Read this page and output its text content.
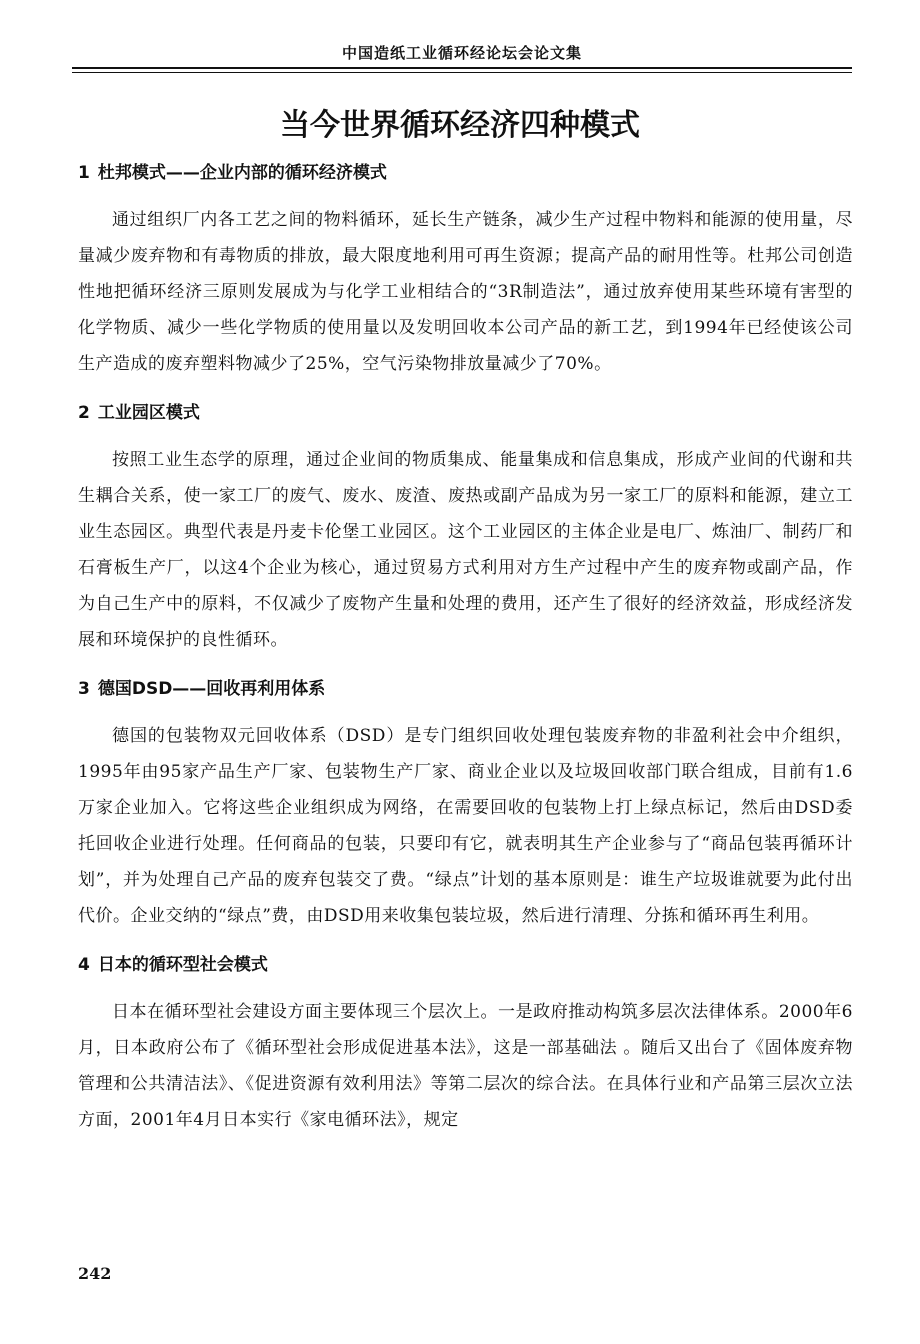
中国造纸工业循环经论坛会论文集
当今世界循环经济四种模式
1 杜邦模式——企业内部的循环经济模式

通过组织厂内各工艺之间的物料循环，延长生产链条，减少生产过程中物料和能源的使用量，尽量减少废弃物和有毒物质的排放，最大限度地利用可再生资源；提高产品的耐用性等。杜邦公司创造性地把循环经济三原则发展成为与化学工业相结合的“3R制造法”，通过放弃使用某些环境有害型的化学物质、减少一些化学物质的使用量以及发明回收本公司产品的新工艺，到1994年已经使该公司生产造成的废弃塑料物减少了25%，空气污染物排放量减少了70%。

2 工业园区模式

按照工业生态学的原理，通过企业间的物质集成、能量集成和信息集成，形成产业间的代谢和共生耦合关系，使一家工厂的废气、废水、废渣、废热或副产品成为另一家工厂的原料和能源，建立工业生态园区。典型代表是丹麦卡伦堡工业园区。这个工业园区的主体企业是电厂、炼油厂、制药厂和石膏板生产厂，以这4个企业为核心，通过贸易方式利用对方生产过程中产生的废弃物或副产品，作为自己生产中的原料，不仅减少了废物产生量和处理的费用，还产生了很好的经济效益，形成经济发展和环境保护的良性循环。

3 德国DSD——回收再利用体系

德国的包装物双元回收体系（DSD）是专门组织回收处理包装废弃物的非盈利社会中介组织，1995年由95家产品生产厂家、包装物生产厂家、商业企业以及垃圾回收部门联合组成，目前有1.6万家企业加入。它将这些企业组织成为网络，在需要回收的包装物上打上绿点标记，然后由DSD委托回收企业进行处理。任何商品的包装，只要印有它，就表明其生产企业参与了“商品包装再循环计划”，并为处理自己产品的废弃包装交了费。“绿点”计划的基本原则是：谁生产垃圾谁就要为此付出代价。企业交纳的“绿点”费，由DSD用来收集包装垃圾，然后进行清理、分拣和循环再生利用。

4 日本的循环型社会模式

日本在循环型社会建设方面主要体现三个层次上。一是政府推动构筑多层次法律体系。2000年6月，日本政府公布了《循环型社会形成促进基本法》，这是一部基础法 。随后又出台了《固体废弃物管理和公共清洁法》、《促进资源有效利用法》等第二层次的综合法。在具体行业和产品第三层次立法方面，2001年4月日本实行《家电循环法》，规定

242
